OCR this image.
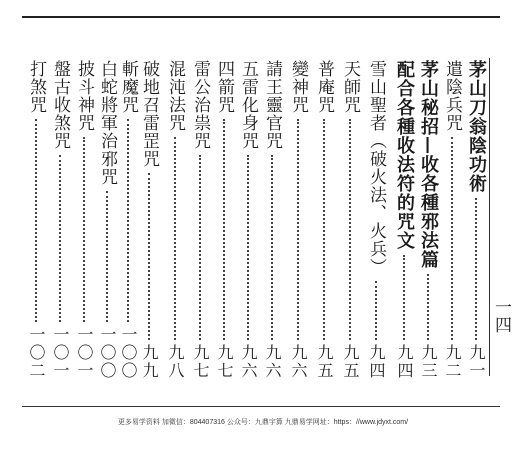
一四
茅山刀翁陰功術
九一
遣陰兵咒
九二
茅山秘招—收各種邪法篇
九三
配合各種收法符的咒文
九四
雪山聖者（破火法、火兵）
九四
天師咒
九五
普庵咒
九五
變神咒
九六
請王靈官咒
九六
五雷化身咒
九六
四箭咒
九七
雷公治祟咒
九七
混沌法咒
九八
破地召雷罡咒
九九
斬魔咒
一〇〇
白蛇將軍治邪咒
一〇〇
披斗神咒
一〇一
盤古收煞咒
一〇一
打煞咒
一〇二
更多易学资料 加微信：804407316 公众号：九鼎宇算 九鼎易学网址：https：//www.jdyxt.com/
